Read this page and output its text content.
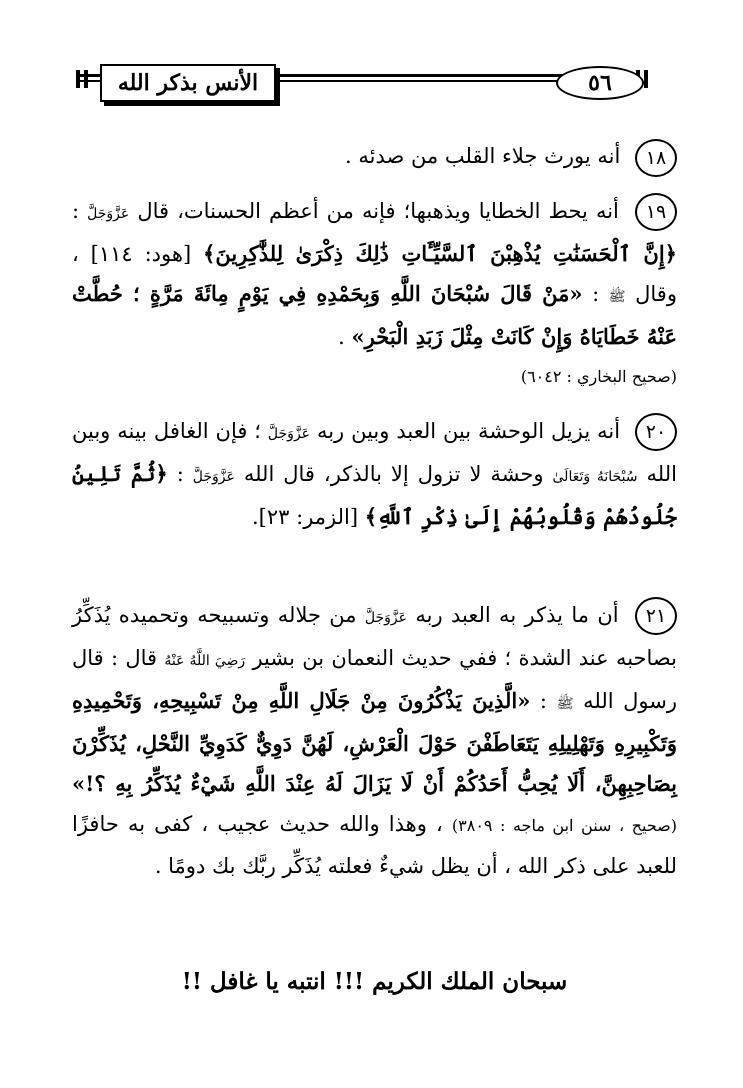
الأنس بذكر الله	٥٦

١٨ أنه يورث جلاء القلب من صدئه .

١٩ أنه يحط الخطايا ويذهبها؛ فإنه من أعظم الحسنات، قال عَزَّوَجَلَّ : ﴿إِنَّ ٱلْحَسَنَٰتِ يُذْهِبْنَ ٱلسَّيِّـَٔاتِ ذَٰلِكَ ذِكْرَىٰ لِلذَّٰكِرِينَ﴾ [هود: ١١٤] ، وقال ﷺ : «مَنْ قَالَ سُبْحَانَ اللَّهِ وَبِحَمْدِهِ فِي يَوْمٍ مِائَةَ مَرَّةٍ ؛ حُطَّتْ عَنْهُ خَطَايَاهُ وَإِنْ كَانَتْ مِثْلَ زَبَدِ الْبَحْرِ» .

(صحيح البخاري : ٦٠٤٢)

٢٠ أنه يزيل الوحشة بين العبد وبين ربه عَزَّوَجَلَّ ؛ فإن الغافل بينه وبين الله سُبْحَانَهُ وَتَعَالَىٰ وحشة لا تزول إلا بالذكر، قال الله عَزَّوَجَلَّ : ﴿ثُمَّ تَلِينُ جُلُودُهُمْ وَقُلُوبُهُمْ إِلَىٰ ذِكْرِ ٱللَّهِ﴾ [الزمر: ٢٣].

٢١ أن ما يذكر به العبد ربه عَزَّوَجَلَّ من جلاله وتسبيحه وتحميده يُذَكِّرُ بصاحبه عند الشدة ؛ ففي حديث النعمان بن بشير رَضِيَ اللَّهُ عَنْهُ قال : قال رسول الله ﷺ : «الَّذِينَ يَذْكُرُونَ مِنْ جَلَالِ اللَّهِ مِنْ تَسْبِيحِهِ، وَتَحْمِيدِهِ وَتَكْبِيرِهِ وَتَهْلِيلِهِ يَتَعَاطَفْنَ حَوْلَ الْعَرْشِ، لَهُنَّ دَوِيٌّ كَدَوِيِّ النَّحْلِ، يُذَكِّرْنَ بِصَاحِبِهِنَّ، أَلَا يُحِبُّ أَحَدُكُمْ أَنْ لَا يَزَالَ لَهُ عِنْدَ اللَّهِ شَيْءٌ يُذَكِّرُ بِهِ ؟!» (صحيح ، سنن ابن ماجه : ٣٨٠٩) ، وهذا والله حديث عجيب ، كفى به حافزًا للعبد على ذكر الله ، أن يظل شيءٌ فعلته يُذَكِّر ربَّك بك دومًا .

سبحان الملك الكريم !!! انتبه يا غافل !!
